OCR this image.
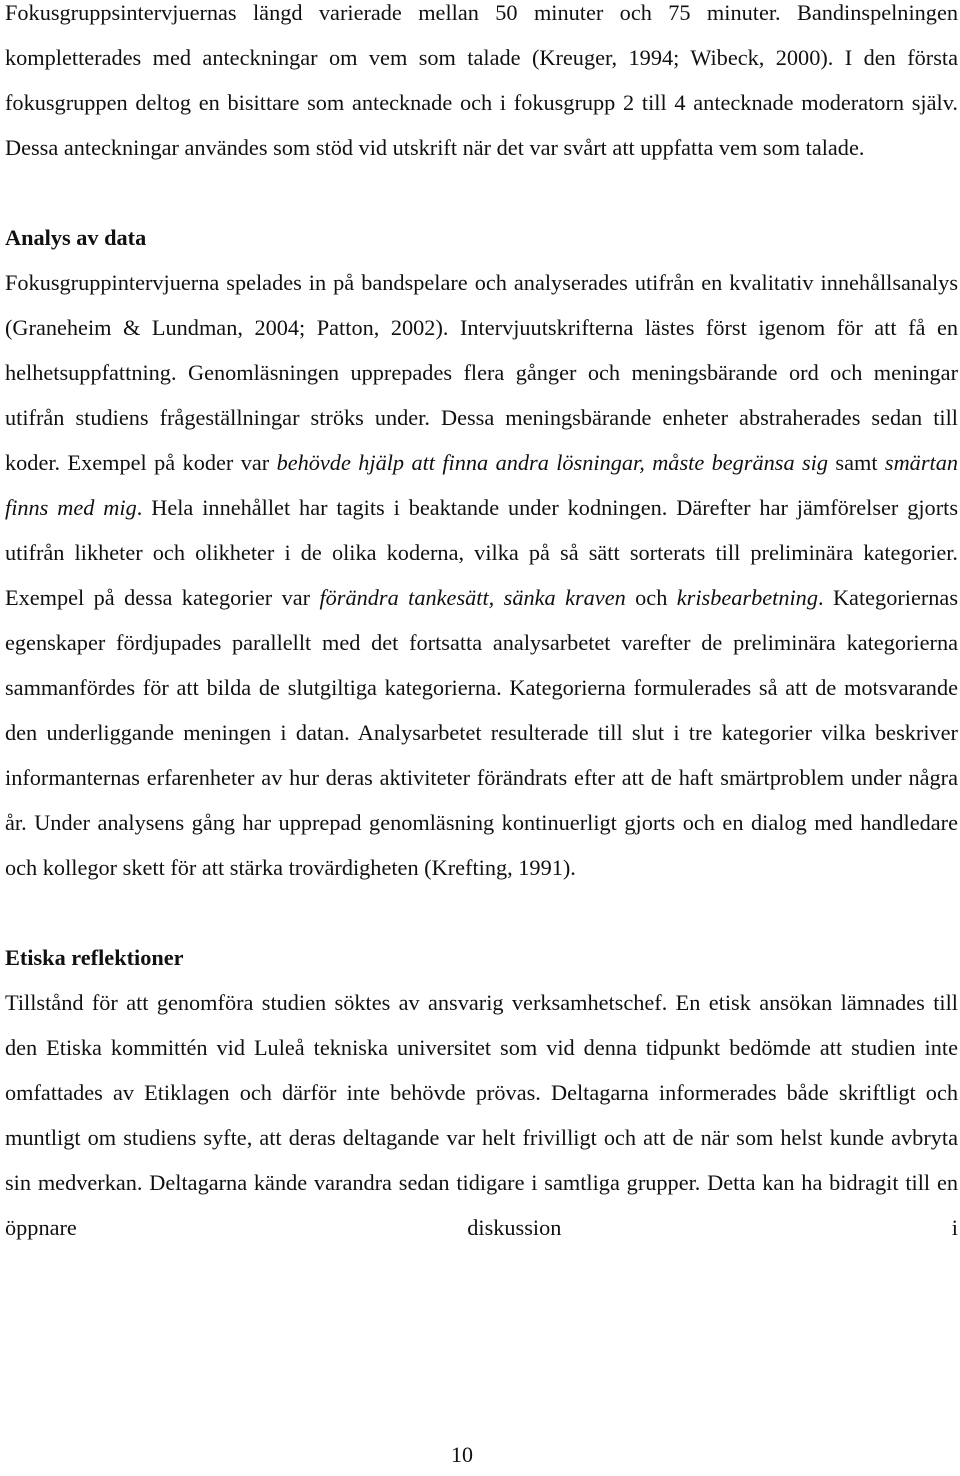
Fokusgruppsintervjuernas längd varierade mellan 50 minuter och 75 minuter. Bandinspelningen kompletterades med anteckningar om vem som talade (Kreuger, 1994; Wibeck, 2000). I den första fokusgruppen deltog en bisittare som antecknade och i fokusgrupp 2 till 4 antecknade moderatorn själv. Dessa anteckningar användes som stöd vid utskrift när det var svårt att uppfatta vem som talade.

Analys av data

Fokusgruppintervjuerna spelades in på bandspelare och analyserades utifrån en kvalitativ innehållsanalys (Graneheim & Lundman, 2004; Patton, 2002). Intervjuutskrifterna lästes först igenom för att få en helhetsuppfattning. Genomläsningen upprepades flera gånger och meningsbärande ord och meningar utifrån studiens frågeställningar ströks under. Dessa meningsbärande enheter abstraherades sedan till koder. Exempel på koder var behövde hjälp att finna andra lösningar, måste begränsa sig samt smärtan finns med mig. Hela innehållet har tagits i beaktande under kodningen. Därefter har jämförelser gjorts utifrån likheter och olikheter i de olika koderna, vilka på så sätt sorterats till preliminära kategorier. Exempel på dessa kategorier var förändra tankesätt, sänka kraven och krisbearbetning. Kategoriernas egenskaper fördjupades parallellt med det fortsatta analysarbetet varefter de preliminära kategorierna sammanfördes för att bilda de slutgiltiga kategorierna. Kategorierna formulerades så att de motsvarande den underliggande meningen i datan. Analysarbetet resulterade till slut i tre kategorier vilka beskriver informanternas erfarenheter av hur deras aktiviteter förändrats efter att de haft smärtproblem under några år. Under analysens gång har upprepad genomläsning kontinuerligt gjorts och en dialog med handledare och kollegor skett för att stärka trovärdigheten (Krefting, 1991).

Etiska reflektioner

Tillstånd för att genomföra studien söktes av ansvarig verksamhetschef. En etisk ansökan lämnades till den Etiska kommittén vid Luleå tekniska universitet som vid denna tidpunkt bedömde att studien inte omfattades av Etiklagen och därför inte behövde prövas. Deltagarna informerades både skriftligt och muntligt om studiens syfte, att deras deltagande var helt frivilligt och att de när som helst kunde avbryta sin medverkan. Deltagarna kände varandra sedan tidigare i samtliga grupper. Detta kan ha bidragit till en öppnare diskussion i

10
